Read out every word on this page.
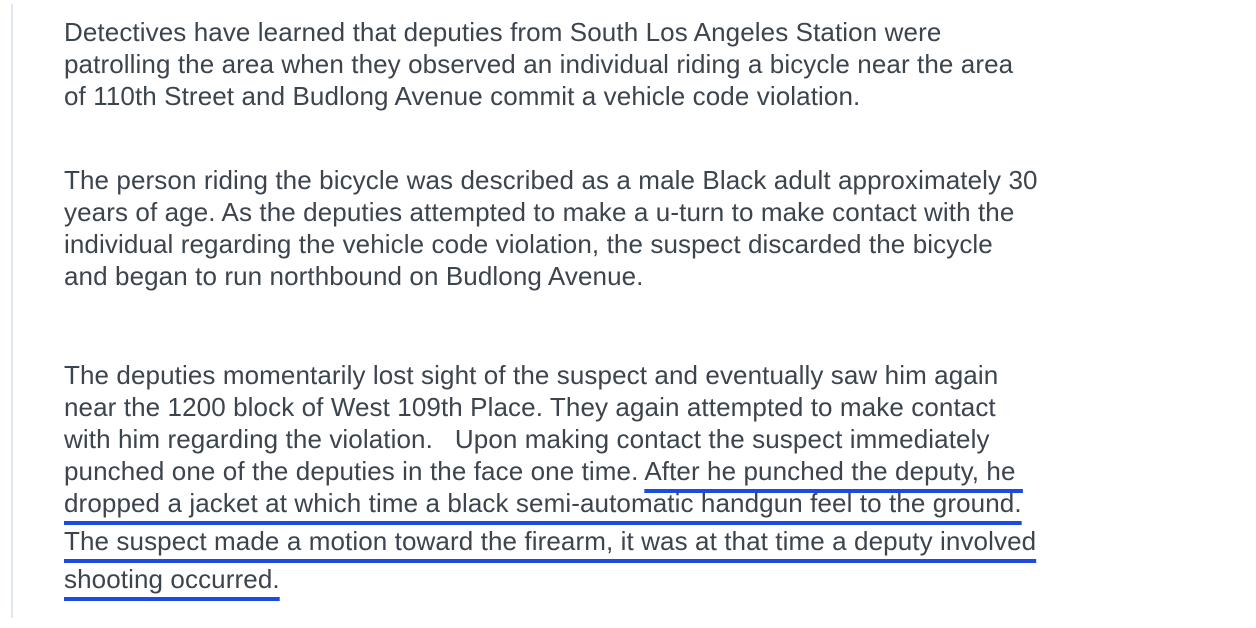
Detectives have learned that deputies from South Los Angeles Station were
patrolling the area when they observed an individual riding a bicycle near the area
of 110th Street and Budlong Avenue commit a vehicle code violation.
The person riding the bicycle was described as a male Black adult approximately 30
years of age. As the deputies attempted to make a u-turn to make contact with the
individual regarding the vehicle code violation, the suspect discarded the bicycle
and began to run northbound on Budlong Avenue.
The deputies momentarily lost sight of the suspect and eventually saw him again
near the 1200 block of West 109th Place. They again attempted to make contact
with him regarding the violation.   Upon making contact the suspect immediately
punched one of the deputies in the face one time. After he punched the deputy, he
dropped a jacket at which time a black semi-automatic handgun feel to the ground.
The suspect made a motion toward the firearm, it was at that time a deputy involved
shooting occurred.
